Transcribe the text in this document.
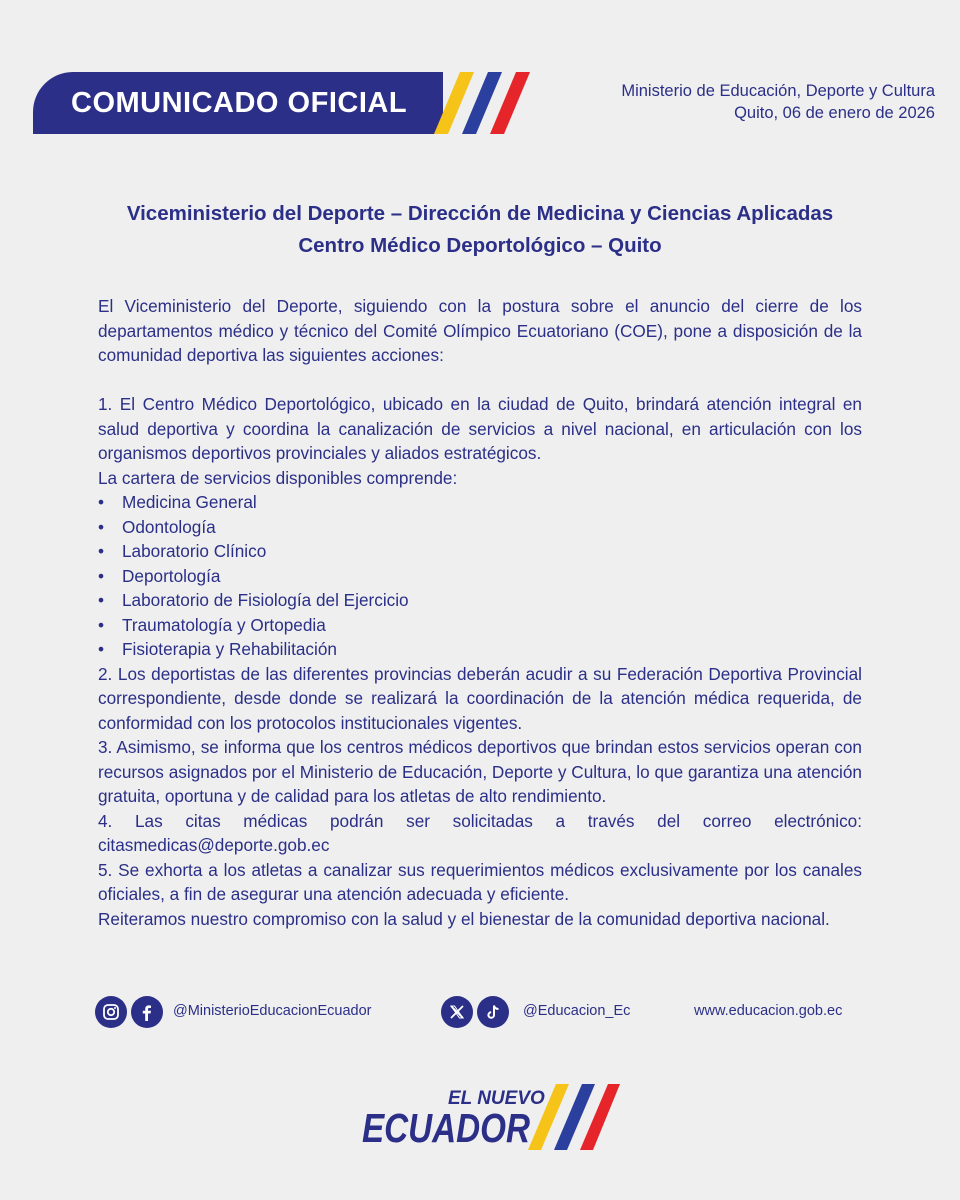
COMUNICADO OFICIAL	Ministerio de Educación, Deporte y Cultura
Quito, 06 de enero de 2026
Viceministerio del Deporte – Dirección de Medicina y Ciencias Aplicadas
Centro Médico Deportológico – Quito

El Viceministerio del Deporte, siguiendo con la postura sobre el anuncio del cierre de los departamentos médico y técnico del Comité Olímpico Ecuatoriano (COE), pone a disposición de la comunidad deportiva las siguientes acciones:

1. El Centro Médico Deportológico, ubicado en la ciudad de Quito, brindará atención integral en salud deportiva y coordina la canalización de servicios a nivel nacional, en articulación con los organismos deportivos provinciales y aliados estratégicos.

La cartera de servicios disponibles comprende:

• Medicina General
• Odontología
• Laboratorio Clínico
• Deportología
• Laboratorio de Fisiología del Ejercicio
• Traumatología y Ortopedia
• Fisioterapia y Rehabilitación

2. Los deportistas de las diferentes provincias deberán acudir a su Federación Deportiva Provincial correspondiente, desde donde se realizará la coordinación de la atención médica requerida, de conformidad con los protocolos institucionales vigentes.

3. Asimismo, se informa que los centros médicos deportivos que brindan estos servicios operan con recursos asignados por el Ministerio de Educación, Deporte y Cultura, lo que garantiza una atención gratuita, oportuna y de calidad para los atletas de alto rendimiento.

4. Las citas médicas podrán ser solicitadas a través del correo electrónico: citasmedicas@deporte.gob.ec

5. Se exhorta a los atletas a canalizar sus requerimientos médicos exclusivamente por los canales oficiales, a fin de asegurar una atención adecuada y eficiente.

Reiteramos nuestro compromiso con la salud y el bienestar de la comunidad deportiva nacional.

@MinisterioEducacionEcuador	@Educacion_Ec	www.educacion.gob.ec
EL NUEVO
ECUADOR
